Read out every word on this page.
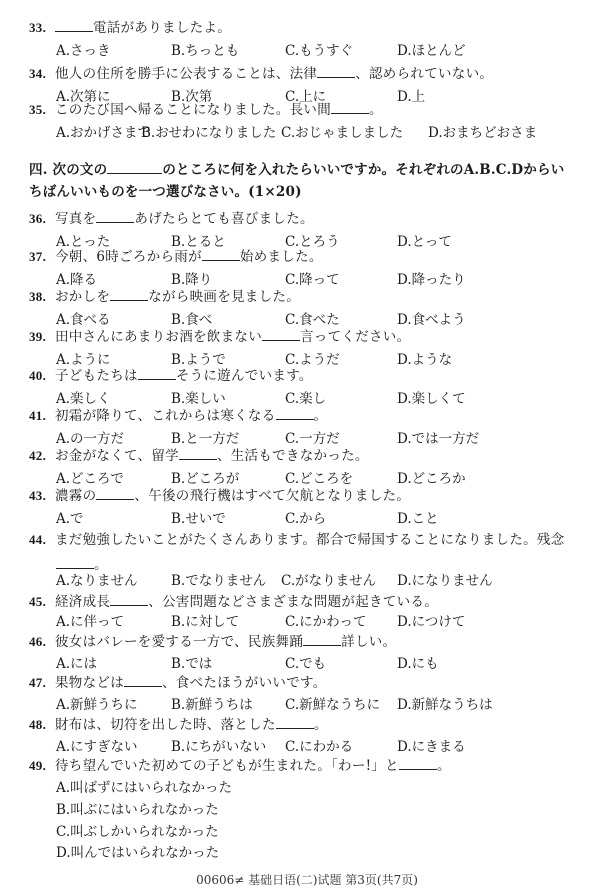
33.	電話がありましたよ。
A.さっき	B.ちっとも	C.もうすぐ	D.ほとんど
34. 他人の住所を勝手に公表することは、法律	、認められていない。
A.次第に	B.次第	C.上に	D.上
35. このたび国へ帰ることになりました。長い間	。
A.おかげさまで
B.おせわになりました C.おじゃましました D.おまちどおさま
四. 次の文の	のところに何を入れたらいいですか。それぞれのA.B.C.Dからい
ちばんいいものを一つ選びなさい。(1×20)
36. 写真を	あげたらとても喜びました。
A.とった	B.とると	C.とろう	D.とって
37. 今朝、6時ごろから雨が	始めました。
A.降る	B.降り	C.降って	D.降ったり
38. おかしを	ながら映画を見ました。
A.食べる	B.食べ	C.食べた	D.食べよう
39. 田中さんにあまりお酒を飲まない	言ってください。
A.ように	B.ようで	C.ようだ	D.ような
40. 子どもたちは	そうに遊んでいます。
A.楽しく	B.楽しい	C.楽し	D.楽しくて
41. 初霜が降りて、これからは寒くなる	。
A.の一方だ	B.と一方だ	C.一方だ	D.では一方だ
42. お金がなくて、留学	、生活もできなかった。
A.どころで	B.どころが	C.どころを	D.どころか
43. 濃霧の	、午後の飛行機はすべて欠航となりました。
A.で	B.せいで	C.から	D.こと
44. まだ勉強したいことがたくさんあります。都合で帰国することになりました。残念
。
A.なりません B.でなりません C.がなりません D.になりません
45. 経済成長	、公害問題などさまざまな問題が起きている。
A.に伴って	B.に対して	C.にかわって D.につけて
46. 彼女はバレーを愛する一方で、民族舞踊	詳しい。
A.には	B.では	C.でも	D.にも
47. 果物などは	、食べたほうがいいです。
A.新鮮うちに B.新鮮うちは C.新鮮なうちに D.新鮮なうちは
48. 財布は、切符を出した時、落とした	。
A.にすぎない B.にちがいない C.にわかる	D.にきまる
49. 待ち望んでいた初めての子どもが生まれた。「わー!」と	。
A.叫ばずにはいられなかった
B.叫ぶにはいられなかった
C.叫ぶしかいられなかった
D.叫んではいられなかった
00606≠ 基础日语(二)试题 第3页(共7页)
